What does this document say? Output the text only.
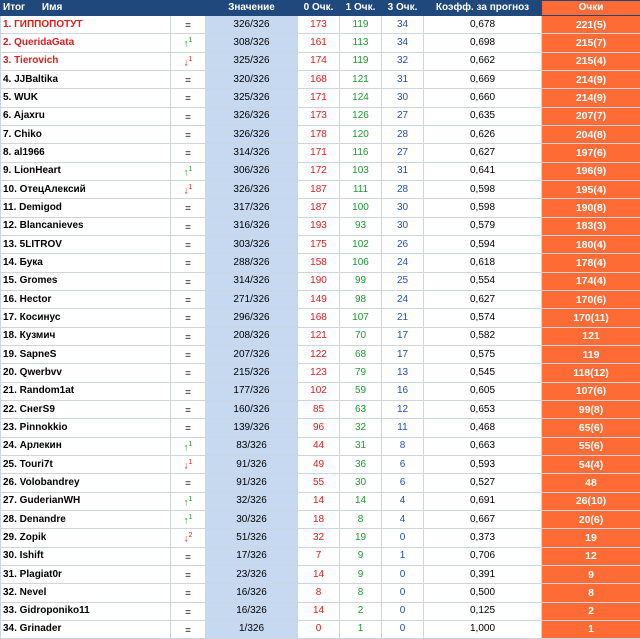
Итог Имя		Значение	0 Очк.	1 Очк.	3 Очк.	Коэфф. за прогноз	Очки
1. ГИППОПОТУТ	=	326/326	173	119	34	0,678	221(5)
2. QueridaGata	↑$^1$	308/326	161	113	34	0,698	215(7)
3. Tierovich	↓$^1$	325/326	174	119	32	0,662	215(4)
4. JJBaltika	=	320/326	168	121	31	0,669	214(9)
5. WUK	=	325/326	171	124	30	0,660	214(9)
6. Ajaxru	=	326/326	173	126	27	0,635	207(7)
7. Chiko	=	326/326	178	120	28	0,626	204(8)
8. al1966	=	314/326	171	116	27	0,627	197(6)
9. LionHeart	↑$^1$	306/326	172	103	31	0,641	196(9)
10. ОтецАлексий	↓$^1$	326/326	187	111	28	0,598	195(4)
11. Demigod	=	317/326	187	100	30	0,598	190(8)
12. Blancanieves	=	316/326	193	93	30	0,579	183(3)
13. 5LITROV	=	303/326	175	102	26	0,594	180(4)
14. Бука	=	288/326	158	106	24	0,618	178(4)
15. Gromes	=	314/326	190	99	25	0,554	174(4)
16. Hector	=	271/326	149	98	24	0,627	170(6)
17. Косинус	=	296/326	168	107	21	0,574	170(11)
18. Кузмич	=	208/326	121	70	17	0,582	121
19. SapneS	=	207/326	122	68	17	0,575	119
20. Qwerbvv	=	215/326	123	79	13	0,545	118(12)
21. Random1at	=	177/326	102	59	16	0,605	107(6)
22. CнeгS9	=	160/326	85	63	12	0,653	99(8)
23. Pinnokkio	=	139/326	96	32	11	0,468	65(6)
24. Арлекин	↑$^1$	83/326	44	31	8	0,663	55(6)
25. Touri7t	↓$^1$	91/326	49	36	6	0,593	54(4)
26. Volobandrey	=	91/326	55	30	6	0,527	48
27. GuderianWH	↑$^1$	32/326	14	14	4	0,691	26(10)
28. Denandre	↑$^1$	30/326	18	8	4	0,667	20(6)
29. Zopik	↓$^2$	51/326	32	19	0	0,373	19
30. Ishift	=	17/326	7	9	1	0,706	12
31. Plagiat0r	=	23/326	14	9	0	0,391	9
32. Nevel	=	16/326	8	8	0	0,500	8
33. Gidroponiko11	=	16/326	14	2	0	0,125	2
34. Grinader	=	1/326	0	1	0	1,000	1
